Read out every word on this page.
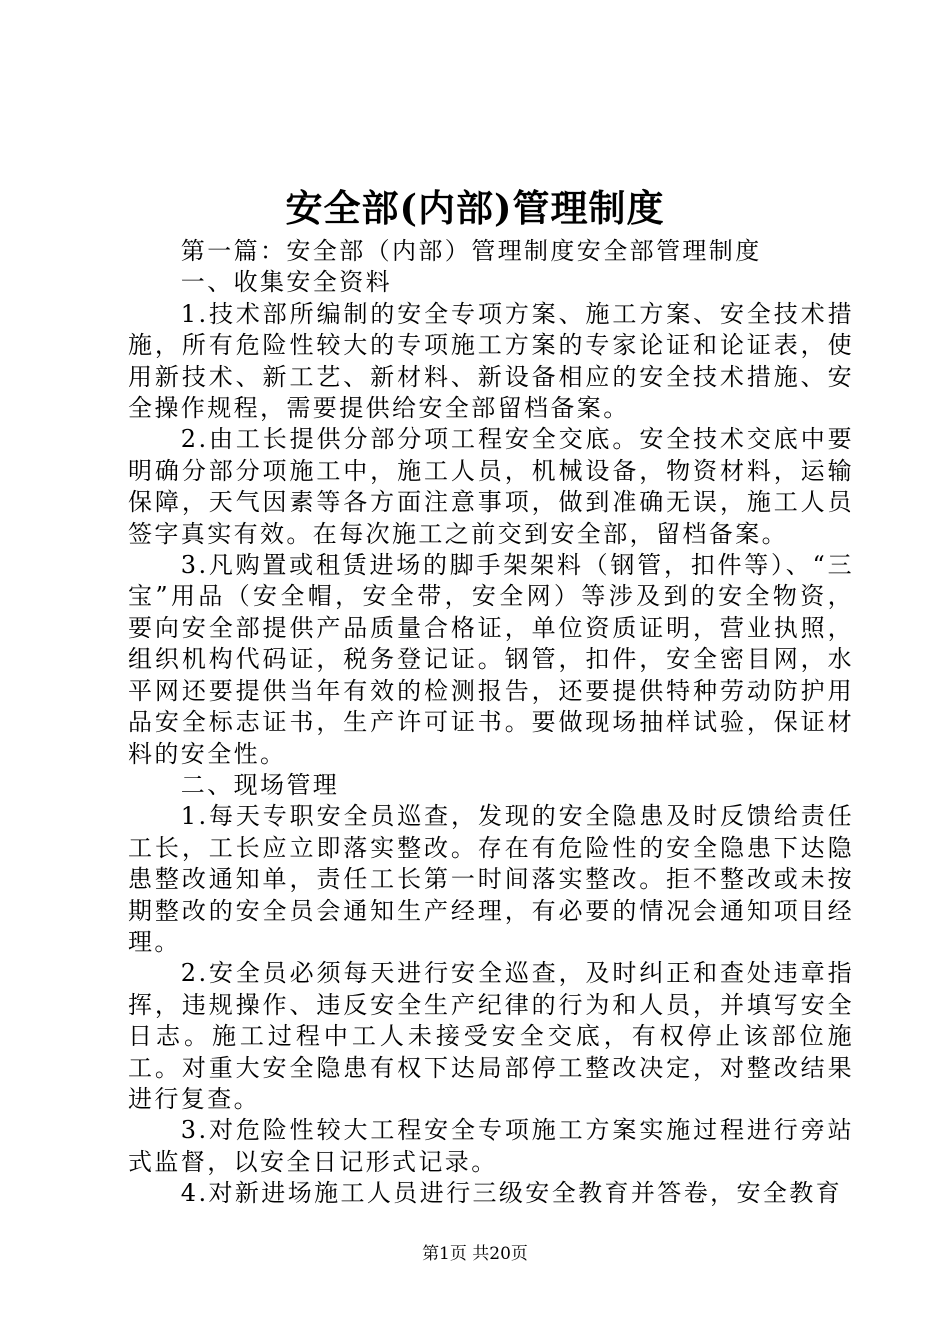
安全部(内部)管理制度

第一篇：安全部（内部）管理制度安全部管理制度

一、收集安全资料

1.技术部所编制的安全专项方案、施工方案、安全技术措施，所有危险性较大的专项施工方案的专家论证和论证表，使用新技术、新工艺、新材料、新设备相应的安全技术措施、安全操作规程，需要提供给安全部留档备案。

2.由工长提供分部分项工程安全交底。安全技术交底中要明确分部分项施工中，施工人员，机械设备，物资材料，运输保障，天气因素等各方面注意事项，做到准确无误，施工人员签字真实有效。在每次施工之前交到安全部，留档备案。

3.凡购置或租赁进场的脚手架架料（钢管，扣件等）、“三宝”用品（安全帽，安全带，安全网）等涉及到的安全物资，要向安全部提供产品质量合格证，单位资质证明，营业执照，组织机构代码证，税务登记证。钢管，扣件，安全密目网，水平网还要提供当年有效的检测报告，还要提供特种劳动防护用品安全标志证书，生产许可证书。要做现场抽样试验，保证材料的安全性。

二、现场管理

1.每天专职安全员巡查，发现的安全隐患及时反馈给责任工长，工长应立即落实整改。存在有危险性的安全隐患下达隐患整改通知单，责任工长第一时间落实整改。拒不整改或未按期整改的安全员会通知生产经理，有必要的情况会通知项目经理。

2.安全员必须每天进行安全巡查，及时纠正和查处违章指挥，违规操作、违反安全生产纪律的行为和人员，并填写安全日志。施工过程中工人未接受安全交底，有权停止该部位施工。对重大安全隐患有权下达局部停工整改决定，对整改结果进行复查。

3.对危险性较大工程安全专项施工方案实施过程进行旁站式监督，以安全日记形式记录。

4.对新进场施工人员进行三级安全教育并答卷，安全教育

第1页 共20页
